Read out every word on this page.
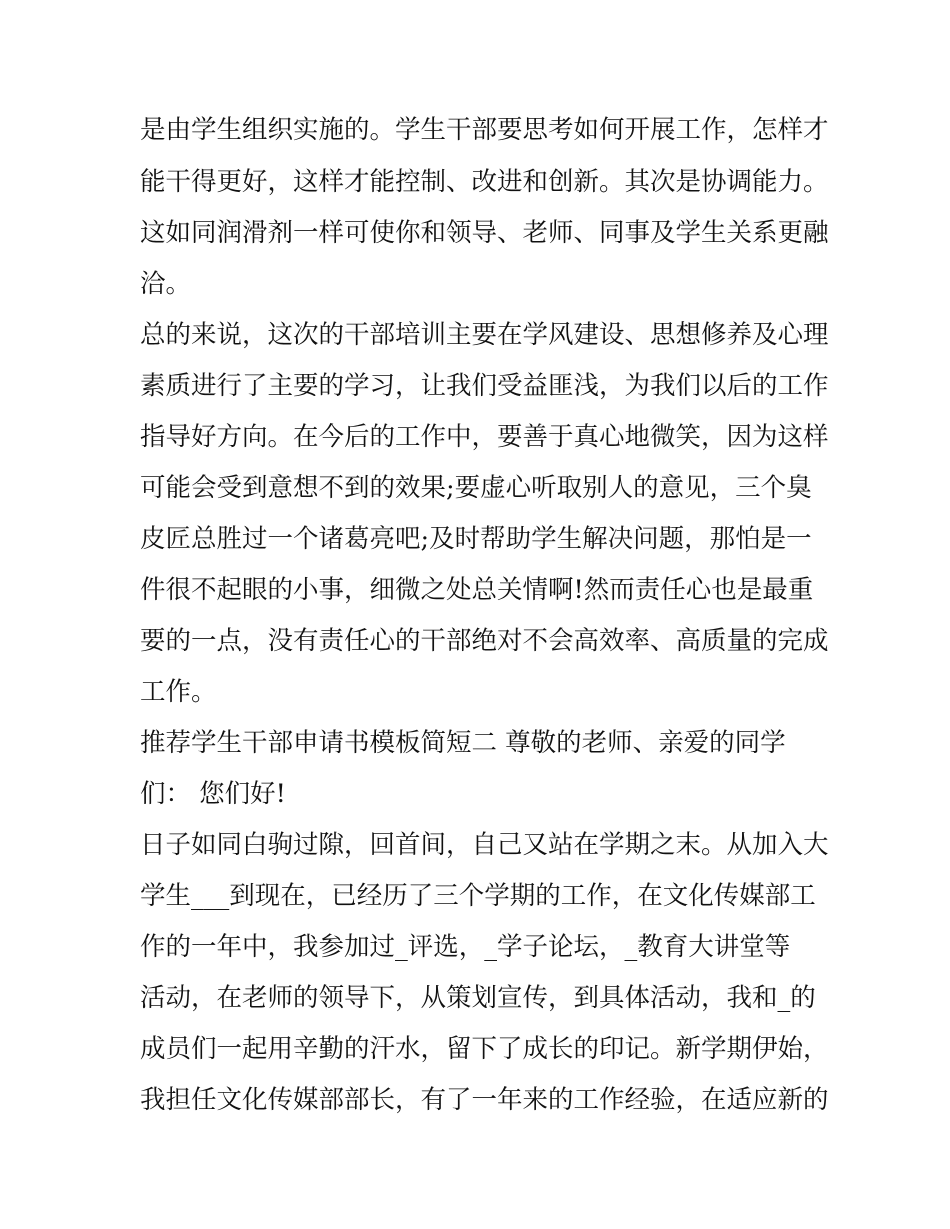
是由学生组织实施的。学生干部要思考如何开展工作，怎样才

能干得更好，这样才能控制、改进和创新。其次是协调能力。

这如同润滑剂一样可使你和领导、老师、同事及学生关系更融

洽。

总的来说，这次的干部培训主要在学风建设、思想修养及心理

素质进行了主要的学习，让我们受益匪浅，为我们以后的工作

指导好方向。在今后的工作中，要善于真心地微笑，因为这样

可能会受到意想不到的效果;要虚心听取别人的意见，三个臭

皮匠总胜过一个诸葛亮吧;及时帮助学生解决问题，那怕是一

件很不起眼的小事，细微之处总关情啊!然而责任心也是最重

要的一点，没有责任心的干部绝对不会高效率、高质量的完成

工作。

推荐学生干部申请书模板简短二 尊敬的老师、亲爱的同学

们： 您们好!

日子如同白驹过隙，回首间，自己又站在学期之末。从加入大

学生___到现在，已经历了三个学期的工作，在文化传媒部工

作的一年中，我参加过_评选，_学子论坛，_教育大讲堂等

活动，在老师的领导下，从策划宣传，到具体活动，我和_的

成员们一起用辛勤的汗水，留下了成长的印记。新学期伊始，

我担任文化传媒部部长，有了一年来的工作经验，在适应新的
